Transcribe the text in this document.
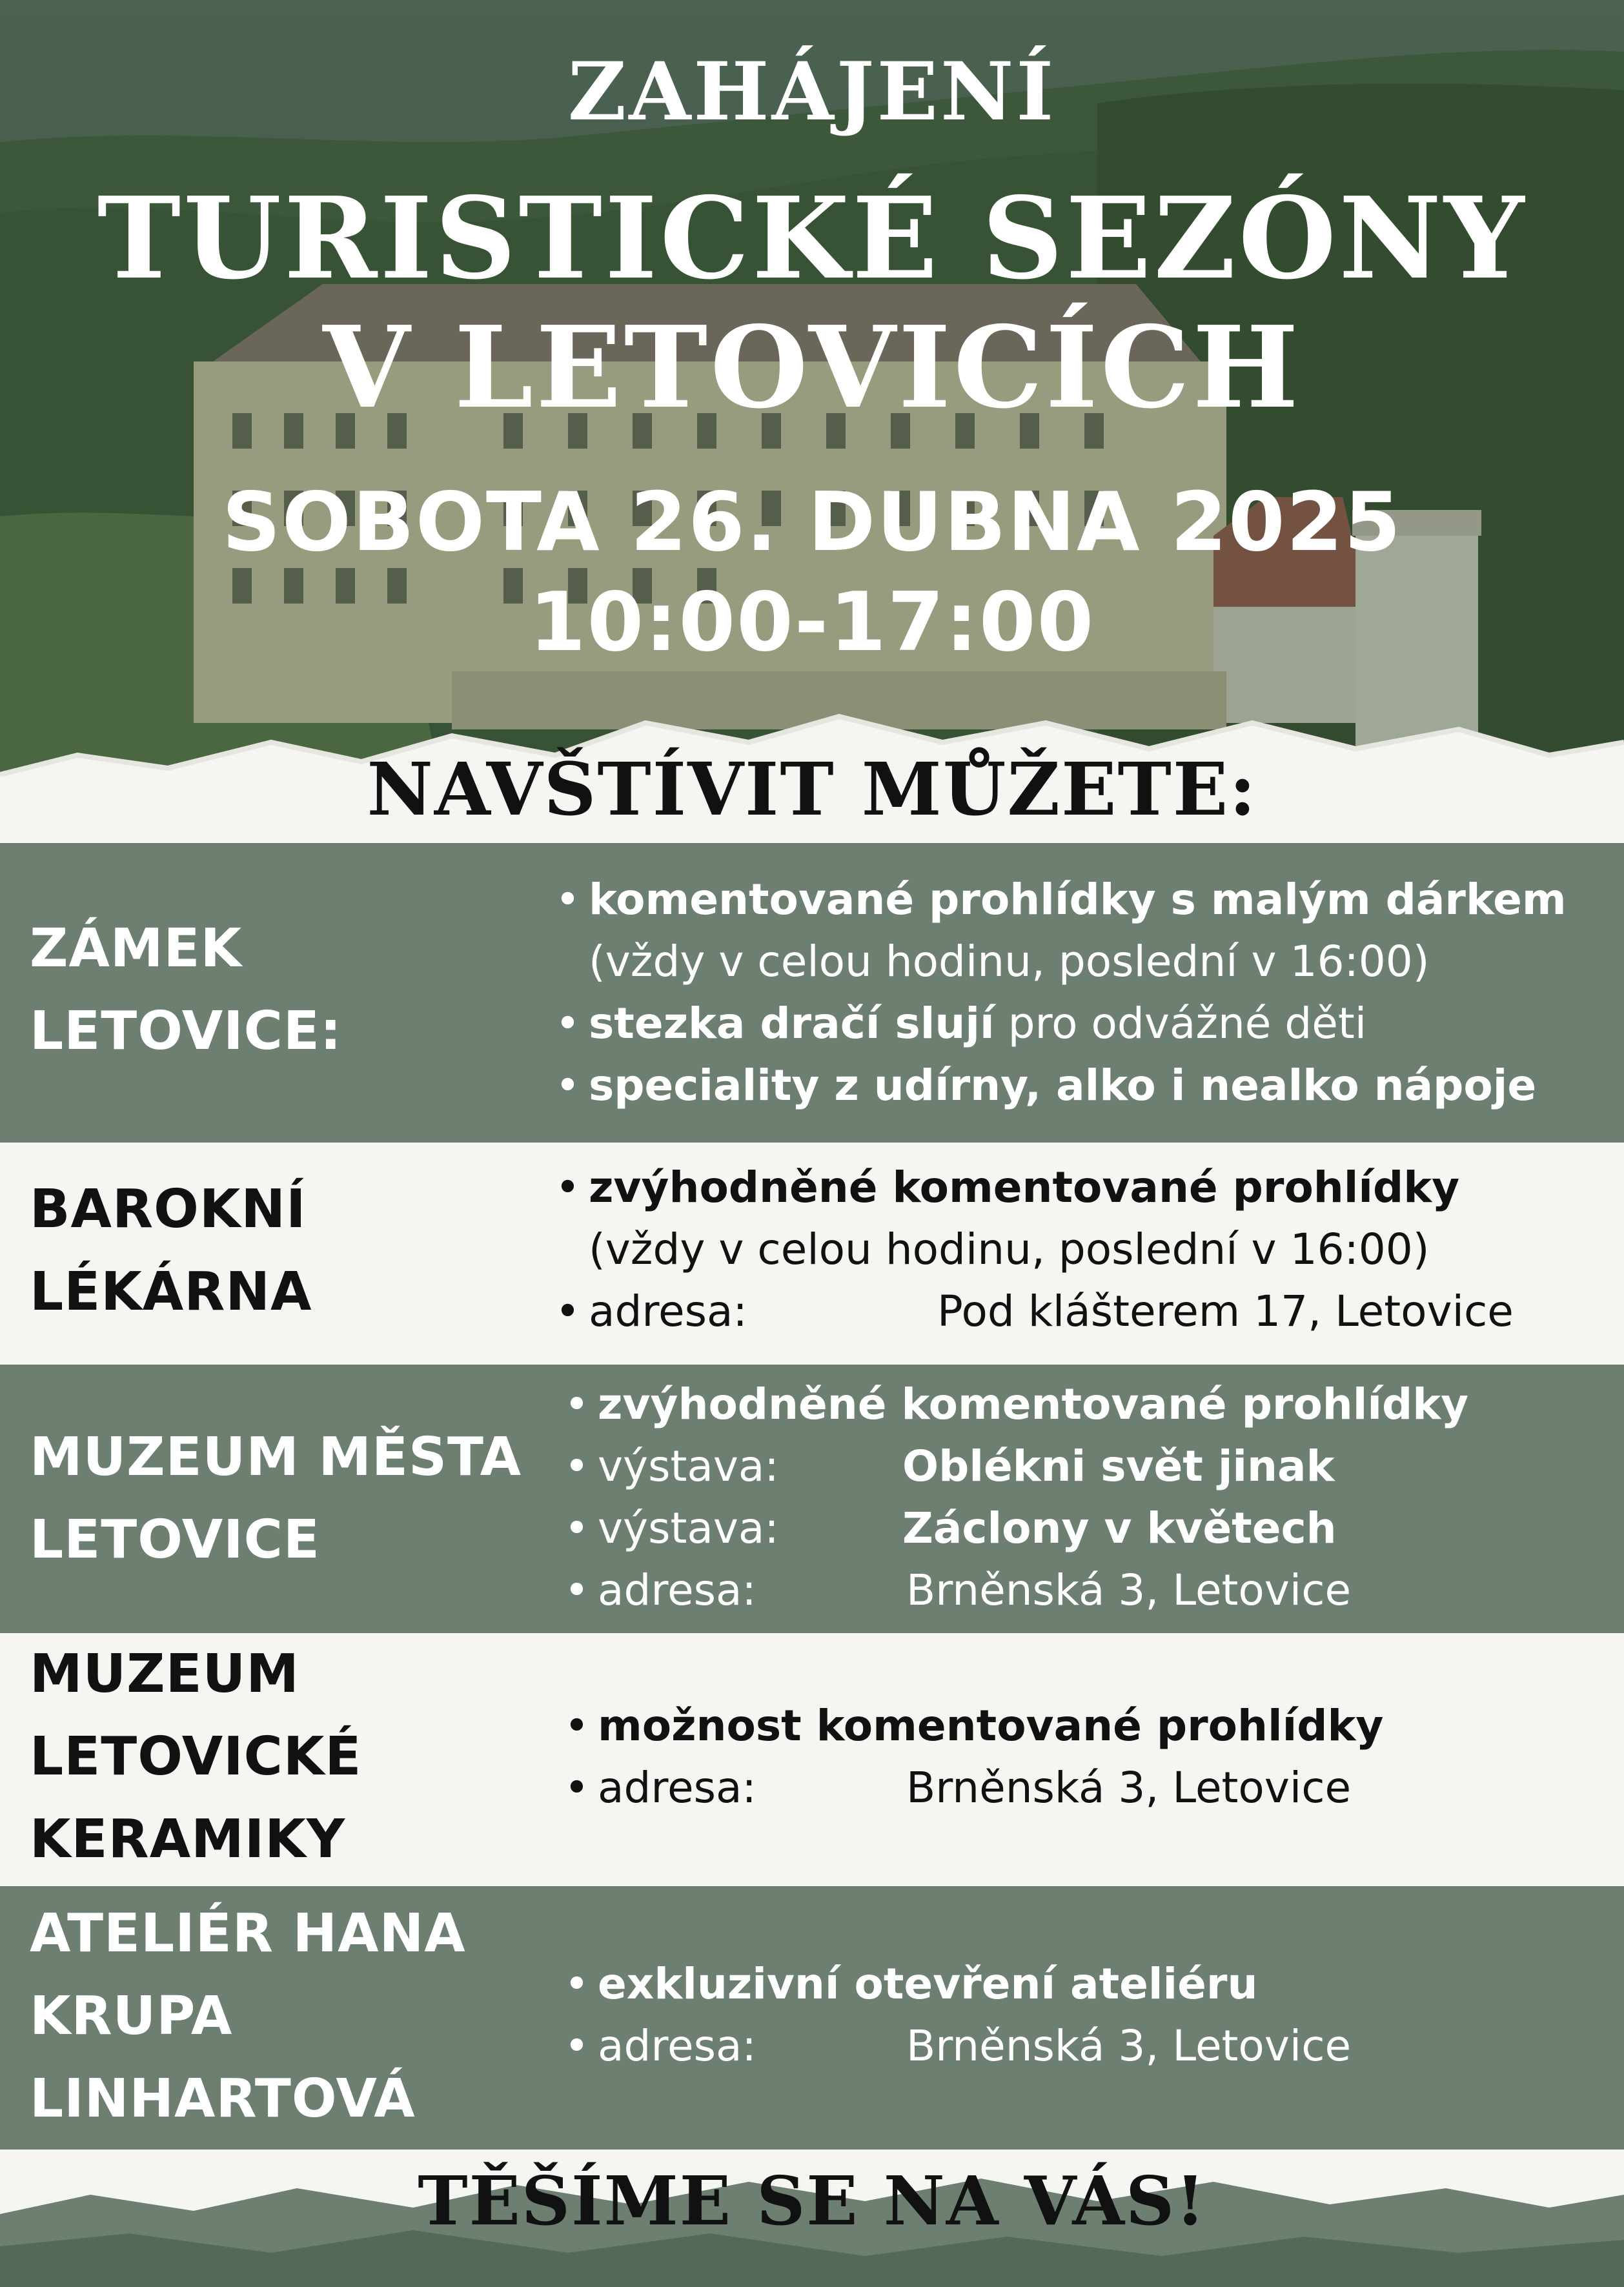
ZAHÁJENÍ
TURISTICKÉ SEZÓNY
V LETOVICÍCH
SOBOTA 26. DUBNA 2025
10:00-17:00
NAVŠTÍVIT MŮŽETE:
ZÁMEK
LETOVICE:
• komentované prohlídky s malým dárkem
(vždy v celou hodinu, poslední v 16:00)
• stezka dračí slují pro odvážné děti
• speciality z udírny, alko i nealko nápoje
BAROKNÍ
LÉKÁRNA
• zvýhodněné komentované prohlídky
(vždy v celou hodinu, poslední v 16:00)
• adresa:	Pod klášterem 17, Letovice
MUZEUM MĚSTA
LETOVICE
• zvýhodněné komentované prohlídky
• výstava:	Oblékni svět jinak
• výstava:	Záclony v květech
• adresa:	Brněnská 3, Letovice
MUZEUM
LETOVICKÉ
KERAMIKY
• možnost komentované prohlídky
• adresa:	Brněnská 3, Letovice
ATELIÉR HANA
KRUPA
LINHARTOVÁ
• exkluzivní otevření ateliéru
• adresa:	Brněnská 3, Letovice
TĚŠÍME SE NA VÁS!
